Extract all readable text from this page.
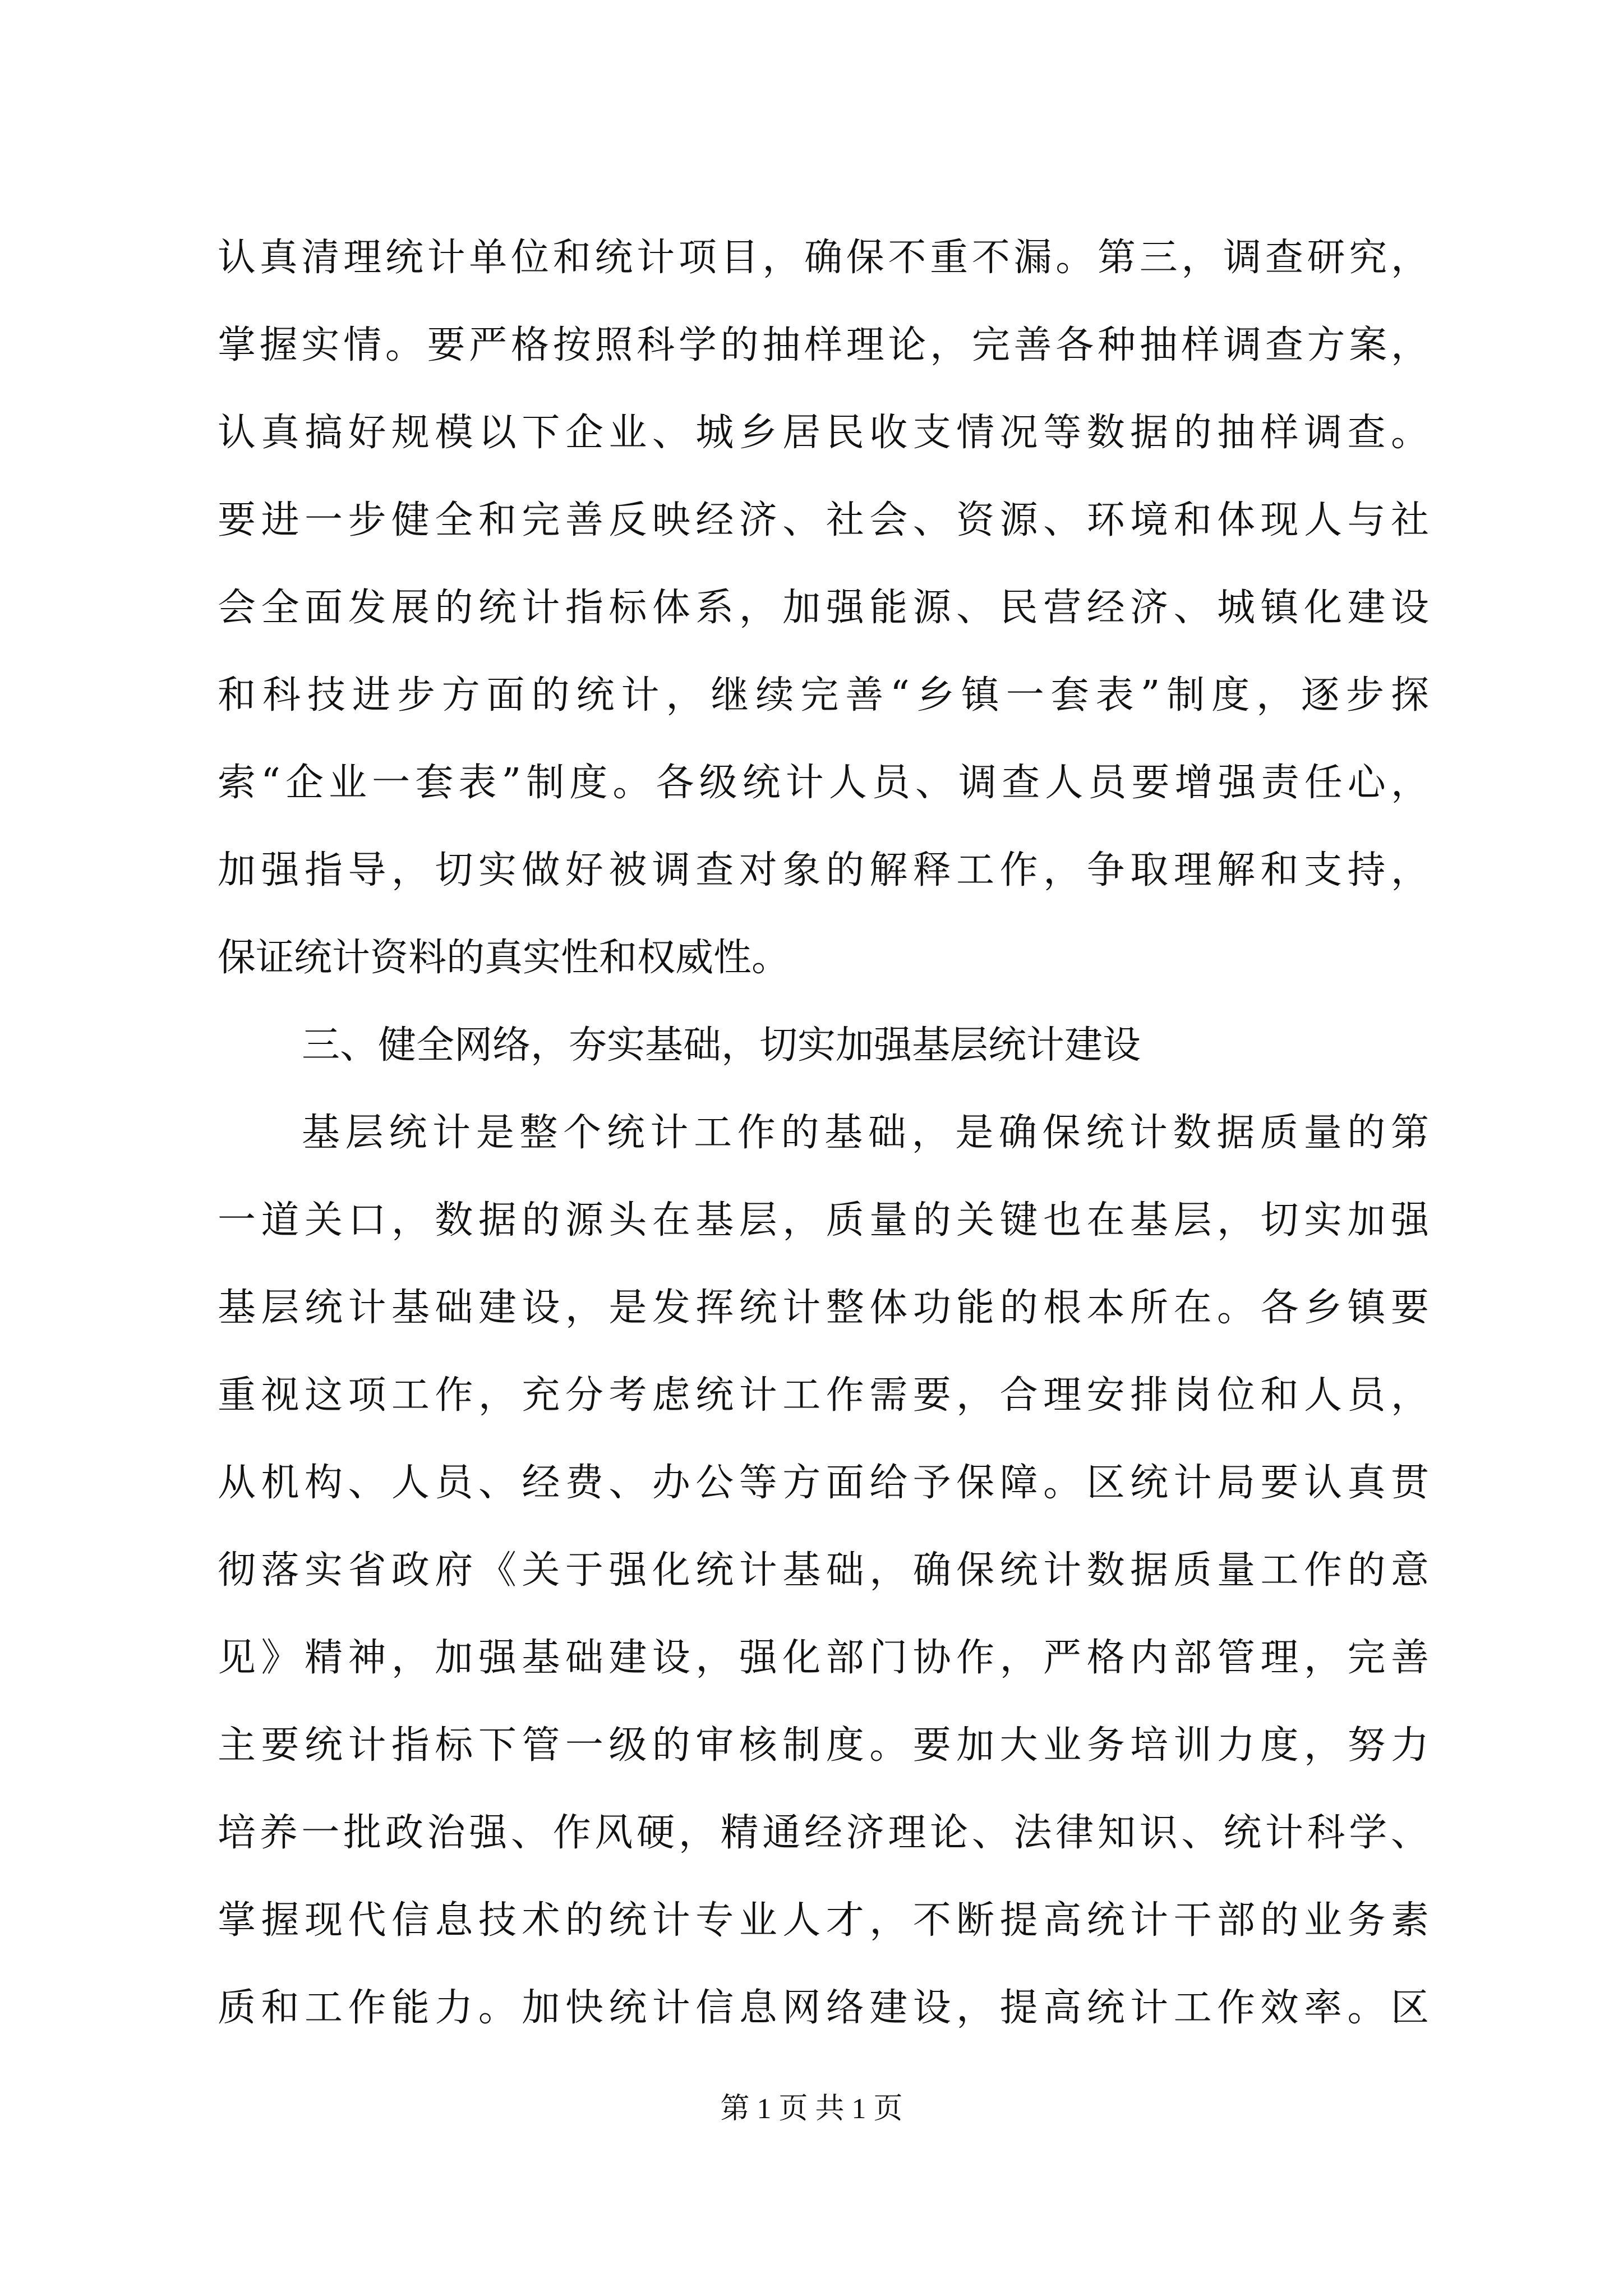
认真清理统计单位和统计项目，确保不重不漏。第三，调查研究，
掌握实情。要严格按照科学的抽样理论，完善各种抽样调查方案，
认真搞好规模以下企业、城乡居民收支情况等数据的抽样调查。
要进一步健全和完善反映经济、社会、资源、环境和体现人与社
会全面发展的统计指标体系，加强能源、民营经济、城镇化建设
和科技进步方面的统计，继续完善“乡镇一套表”制度，逐步探
索“企业一套表”制度。各级统计人员、调查人员要增强责任心，
加强指导，切实做好被调查对象的解释工作，争取理解和支持，
保证统计资料的真实性和权威性。
三、健全网络，夯实基础，切实加强基层统计建设
基层统计是整个统计工作的基础，是确保统计数据质量的第
一道关口，数据的源头在基层，质量的关键也在基层，切实加强
基层统计基础建设，是发挥统计整体功能的根本所在。各乡镇要
重视这项工作，充分考虑统计工作需要，合理安排岗位和人员，
从机构、人员、经费、办公等方面给予保障。区统计局要认真贯
彻落实省政府《关于强化统计基础，确保统计数据质量工作的意
见》精神，加强基础建设，强化部门协作，严格内部管理，完善
主要统计指标下管一级的审核制度。要加大业务培训力度，努力
培养一批政治强、作风硬，精通经济理论、法律知识、统计科学、
掌握现代信息技术的统计专业人才，不断提高统计干部的业务素
质和工作能力。加快统计信息网络建设，提高统计工作效率。区
第 1 页 共 1 页
